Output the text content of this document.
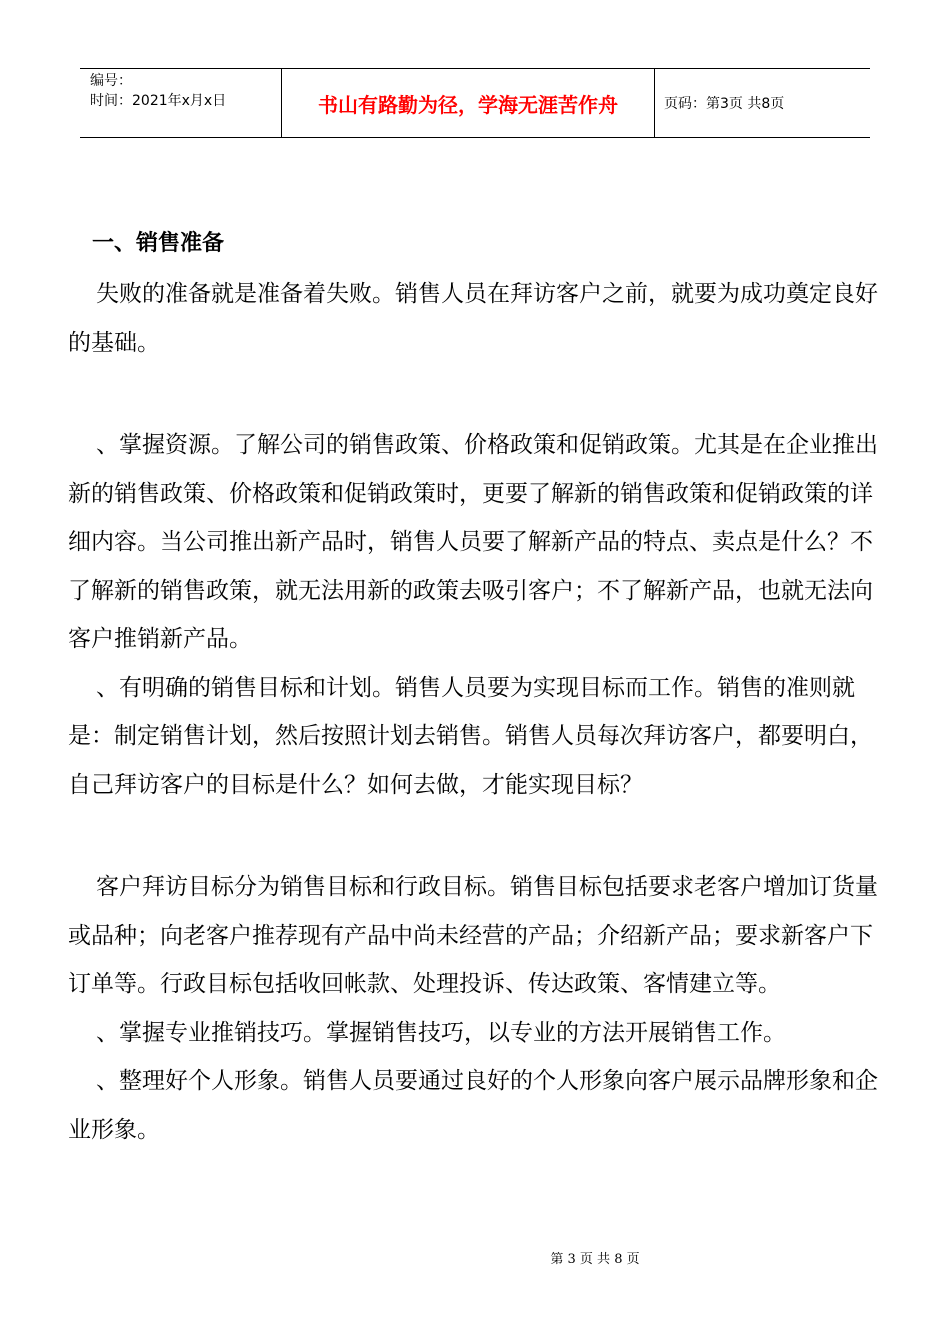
编号：
时间：2021年x月x日	书山有路勤为径，学海无涯苦作舟	页码：第3页 共8页
一、销售准备

失败的准备就是准备着失败。销售人员在拜访客户之前，就要为成功奠定良好的基础。

、掌握资源。了解公司的销售政策、价格政策和促销政策。尤其是在企业推出新的销售政策、价格政策和促销政策时，更要了解新的销售政策和促销政策的详细内容。当公司推出新产品时，销售人员要了解新产品的特点、卖点是什么？不了解新的销售政策，就无法用新的政策去吸引客户；不了解新产品，也就无法向客户推销新产品。

、有明确的销售目标和计划。销售人员要为实现目标而工作。销售的准则就是：制定销售计划，然后按照计划去销售。销售人员每次拜访客户，都要明白，自己拜访客户的目标是什么？如何去做，才能实现目标？

客户拜访目标分为销售目标和行政目标。销售目标包括要求老客户增加订货量或品种；向老客户推荐现有产品中尚未经营的产品；介绍新产品；要求新客户下订单等。行政目标包括收回帐款、处理投诉、传达政策、客情建立等。

、掌握专业推销技巧。掌握销售技巧，以专业的方法开展销售工作。

、整理好个人形象。销售人员要通过良好的个人形象向客户展示品牌形象和企业形象。

第 3 页 共 8 页
